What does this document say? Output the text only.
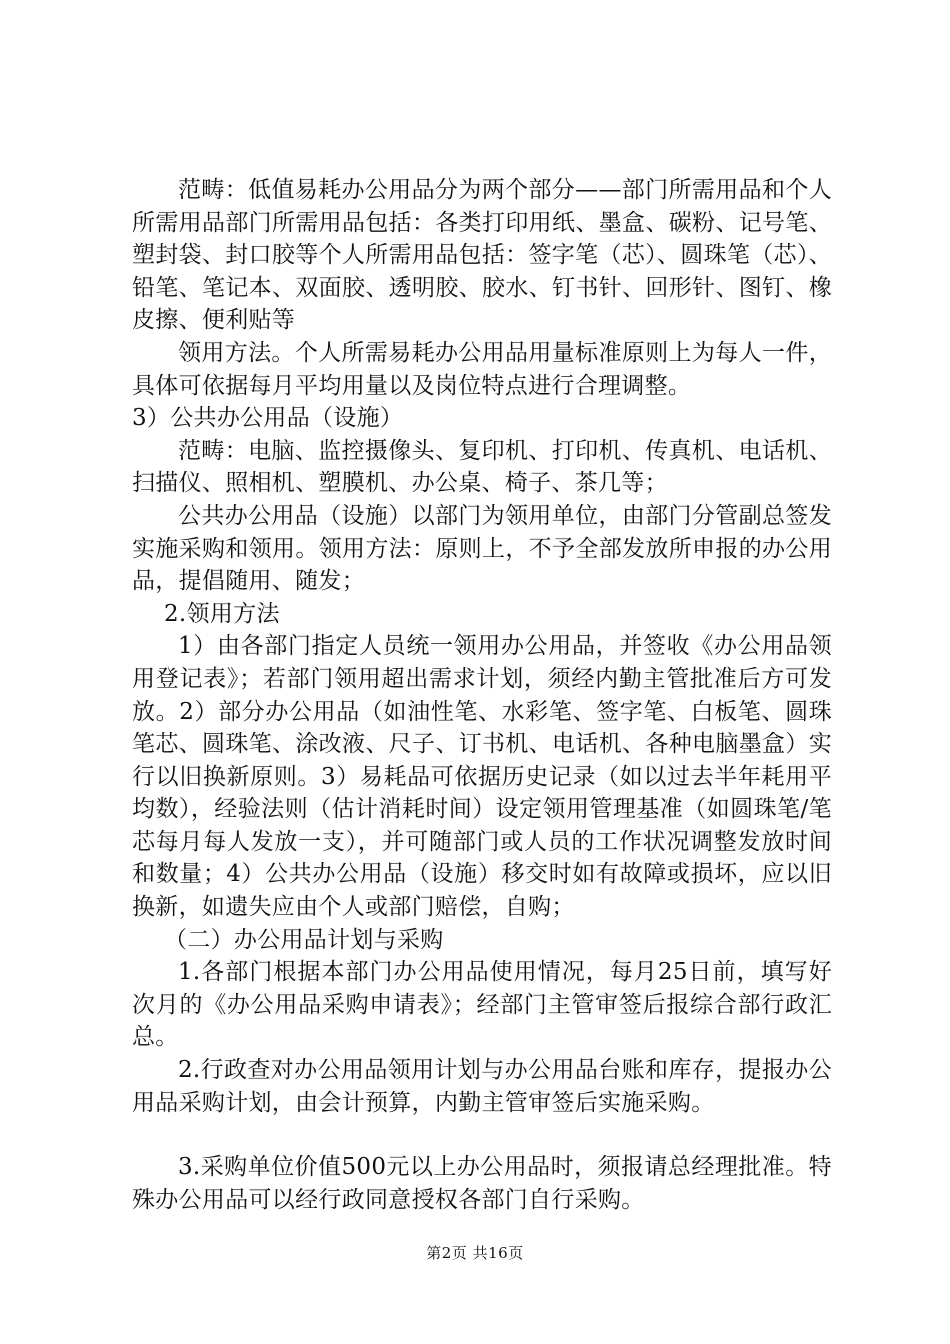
范畴：低值易耗办公用品分为两个部分——部门所需用品和个人所需用品部门所需用品包括：各类打印用纸、墨盒、碳粉、记号笔、塑封袋、封口胶等个人所需用品包括：签字笔（芯）、圆珠笔（芯）、铅笔、笔记本、双面胶、透明胶、胶水、钉书针、回形针、图钉、橡皮擦、便利贴等

领用方法。个人所需易耗办公用品用量标准原则上为每人一件，具体可依据每月平均用量以及岗位特点进行合理调整。

3）公共办公用品（设施）

范畴：电脑、监控摄像头、复印机、打印机、传真机、电话机、扫描仪、照相机、塑膜机、办公桌、椅子、茶几等；

公共办公用品（设施）以部门为领用单位，由部门分管副总签发实施采购和领用。领用方法：原则上，不予全部发放所申报的办公用品，提倡随用、随发；

2.领用方法

1）由各部门指定人员统一领用办公用品，并签收《办公用品领用登记表》；若部门领用超出需求计划，须经内勤主管批准后方可发放。2）部分办公用品（如油性笔、水彩笔、签字笔、白板笔、圆珠笔芯、圆珠笔、涂改液、尺子、订书机、电话机、各种电脑墨盒）实行以旧换新原则。3）易耗品可依据历史记录（如以过去半年耗用平均数），经验法则（估计消耗时间）设定领用管理基准（如圆珠笔/笔芯每月每人发放一支），并可随部门或人员的工作状况调整发放时间和数量；4）公共办公用品（设施）移交时如有故障或损坏，应以旧换新，如遗失应由个人或部门赔偿，自购；

（二）办公用品计划与采购

1.各部门根据本部门办公用品使用情况，每月25日前，填写好次月的《办公用品采购申请表》；经部门主管审签后报综合部行政汇总。

2.行政查对办公用品领用计划与办公用品台账和库存，提报办公用品采购计划，由会计预算，内勤主管审签后实施采购。

3.采购单位价值500元以上办公用品时，须报请总经理批准。特殊办公用品可以经行政同意授权各部门自行采购。

第2页 共16页
